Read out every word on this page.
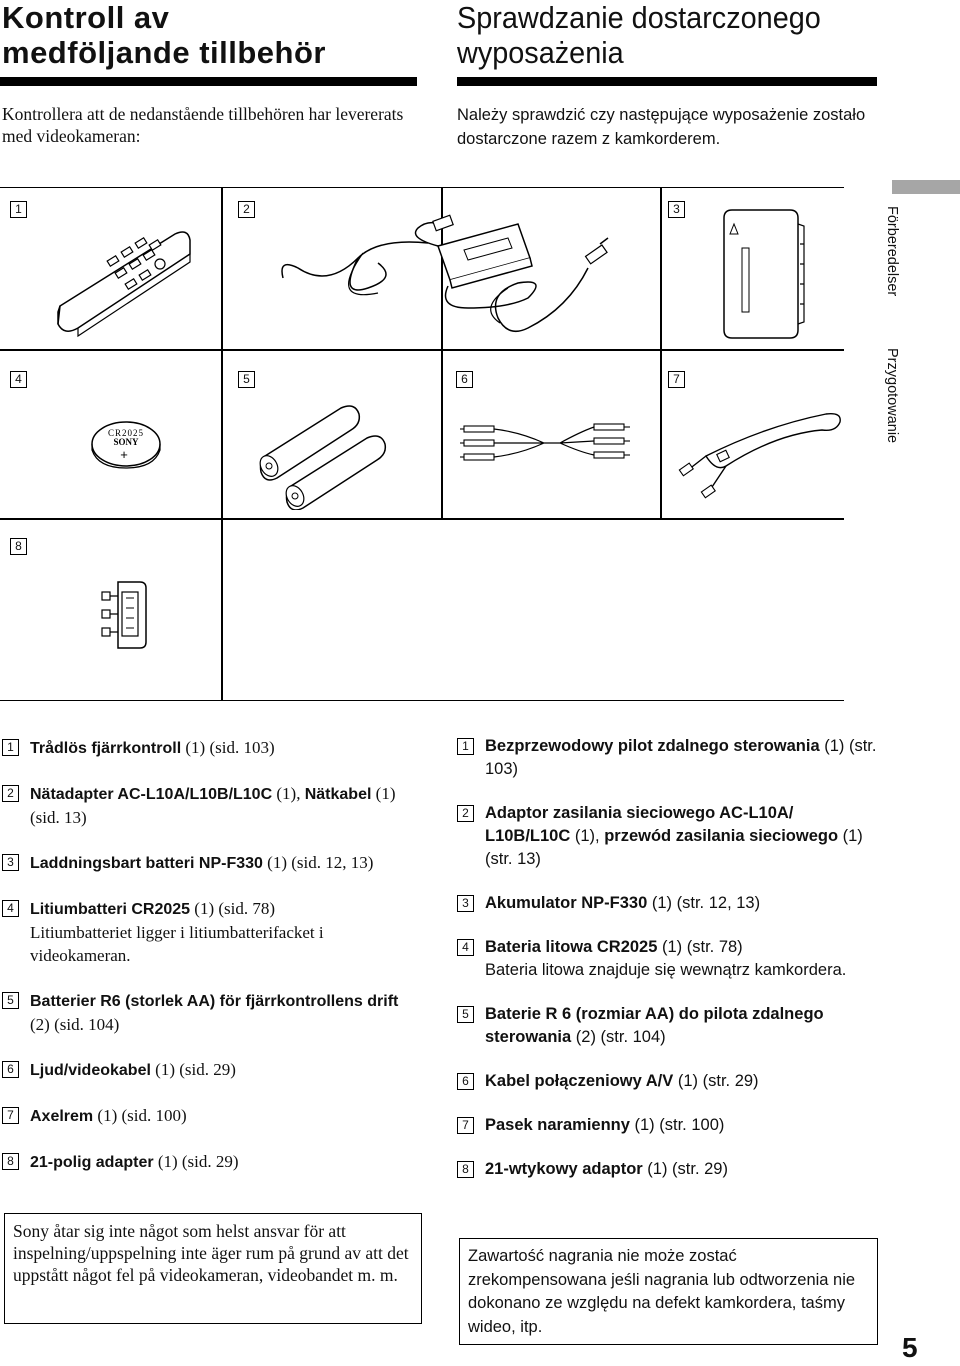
Kontroll av
medföljande tillbehör
Sprawdzanie dostarczonego
wyposażenia
Kontrollera att de nedanstående tillbehören har levererats med videokameran:
Należy sprawdzić czy następujące wyposażenie zostało dostarczone razem z kamkorderem.
Förberedelser
Przygotowanie
1	2	3
4	5	6	7
8
CR2025
SONY
+
1	Trådlös fjärrkontroll (1) (sid. 103)
2	Nätadapter AC-L10A/L10B/L10C (1), Nätkabel (1) (sid. 13)
3	Laddningsbart batteri NP-F330 (1) (sid. 12, 13)
4	Litiumbatteri CR2025 (1) (sid. 78)
Litiumbatteriet ligger i litiumbatterifacket i videokameran.
5	Batterier R6 (storlek AA) för fjärrkontrollens drift (2) (sid. 104)
6	Ljud/videokabel (1) (sid. 29)
7	Axelrem (1) (sid. 100)
8	21-polig adapter (1) (sid. 29)
1 Bezprzewodowy pilot zdalnego sterowania (1) (str. 103)
2 Adaptor zasilania sieciowego AC-L10A/ L10B/L10C (1), przewód zasilania sieciowego (1) (str. 13)
3 Akumulator NP-F330 (1) (str. 12, 13)
4 Bateria litowa CR2025 (1) (str. 78)
Bateria litowa znajduje się wewnątrz kamkordera.
5 Baterie R 6 (rozmiar AA) do pilota zdalnego sterowania (2) (str. 104)
6 Kabel połączeniowy A/V (1) (str. 29)
7 Pasek naramienny (1) (str. 100)
8 21-wtykowy adaptor (1) (str. 29)
Sony åtar sig inte något som helst ansvar för att inspelning/uppspelning inte äger rum på grund av att det uppstått något fel på videokameran, videobandet m. m.
Zawartość nagrania nie może zostać zrekompensowana jeśli nagrania lub odtworzenia nie dokonano ze względu na defekt kamkordera, taśmy wideo, itp.
5
